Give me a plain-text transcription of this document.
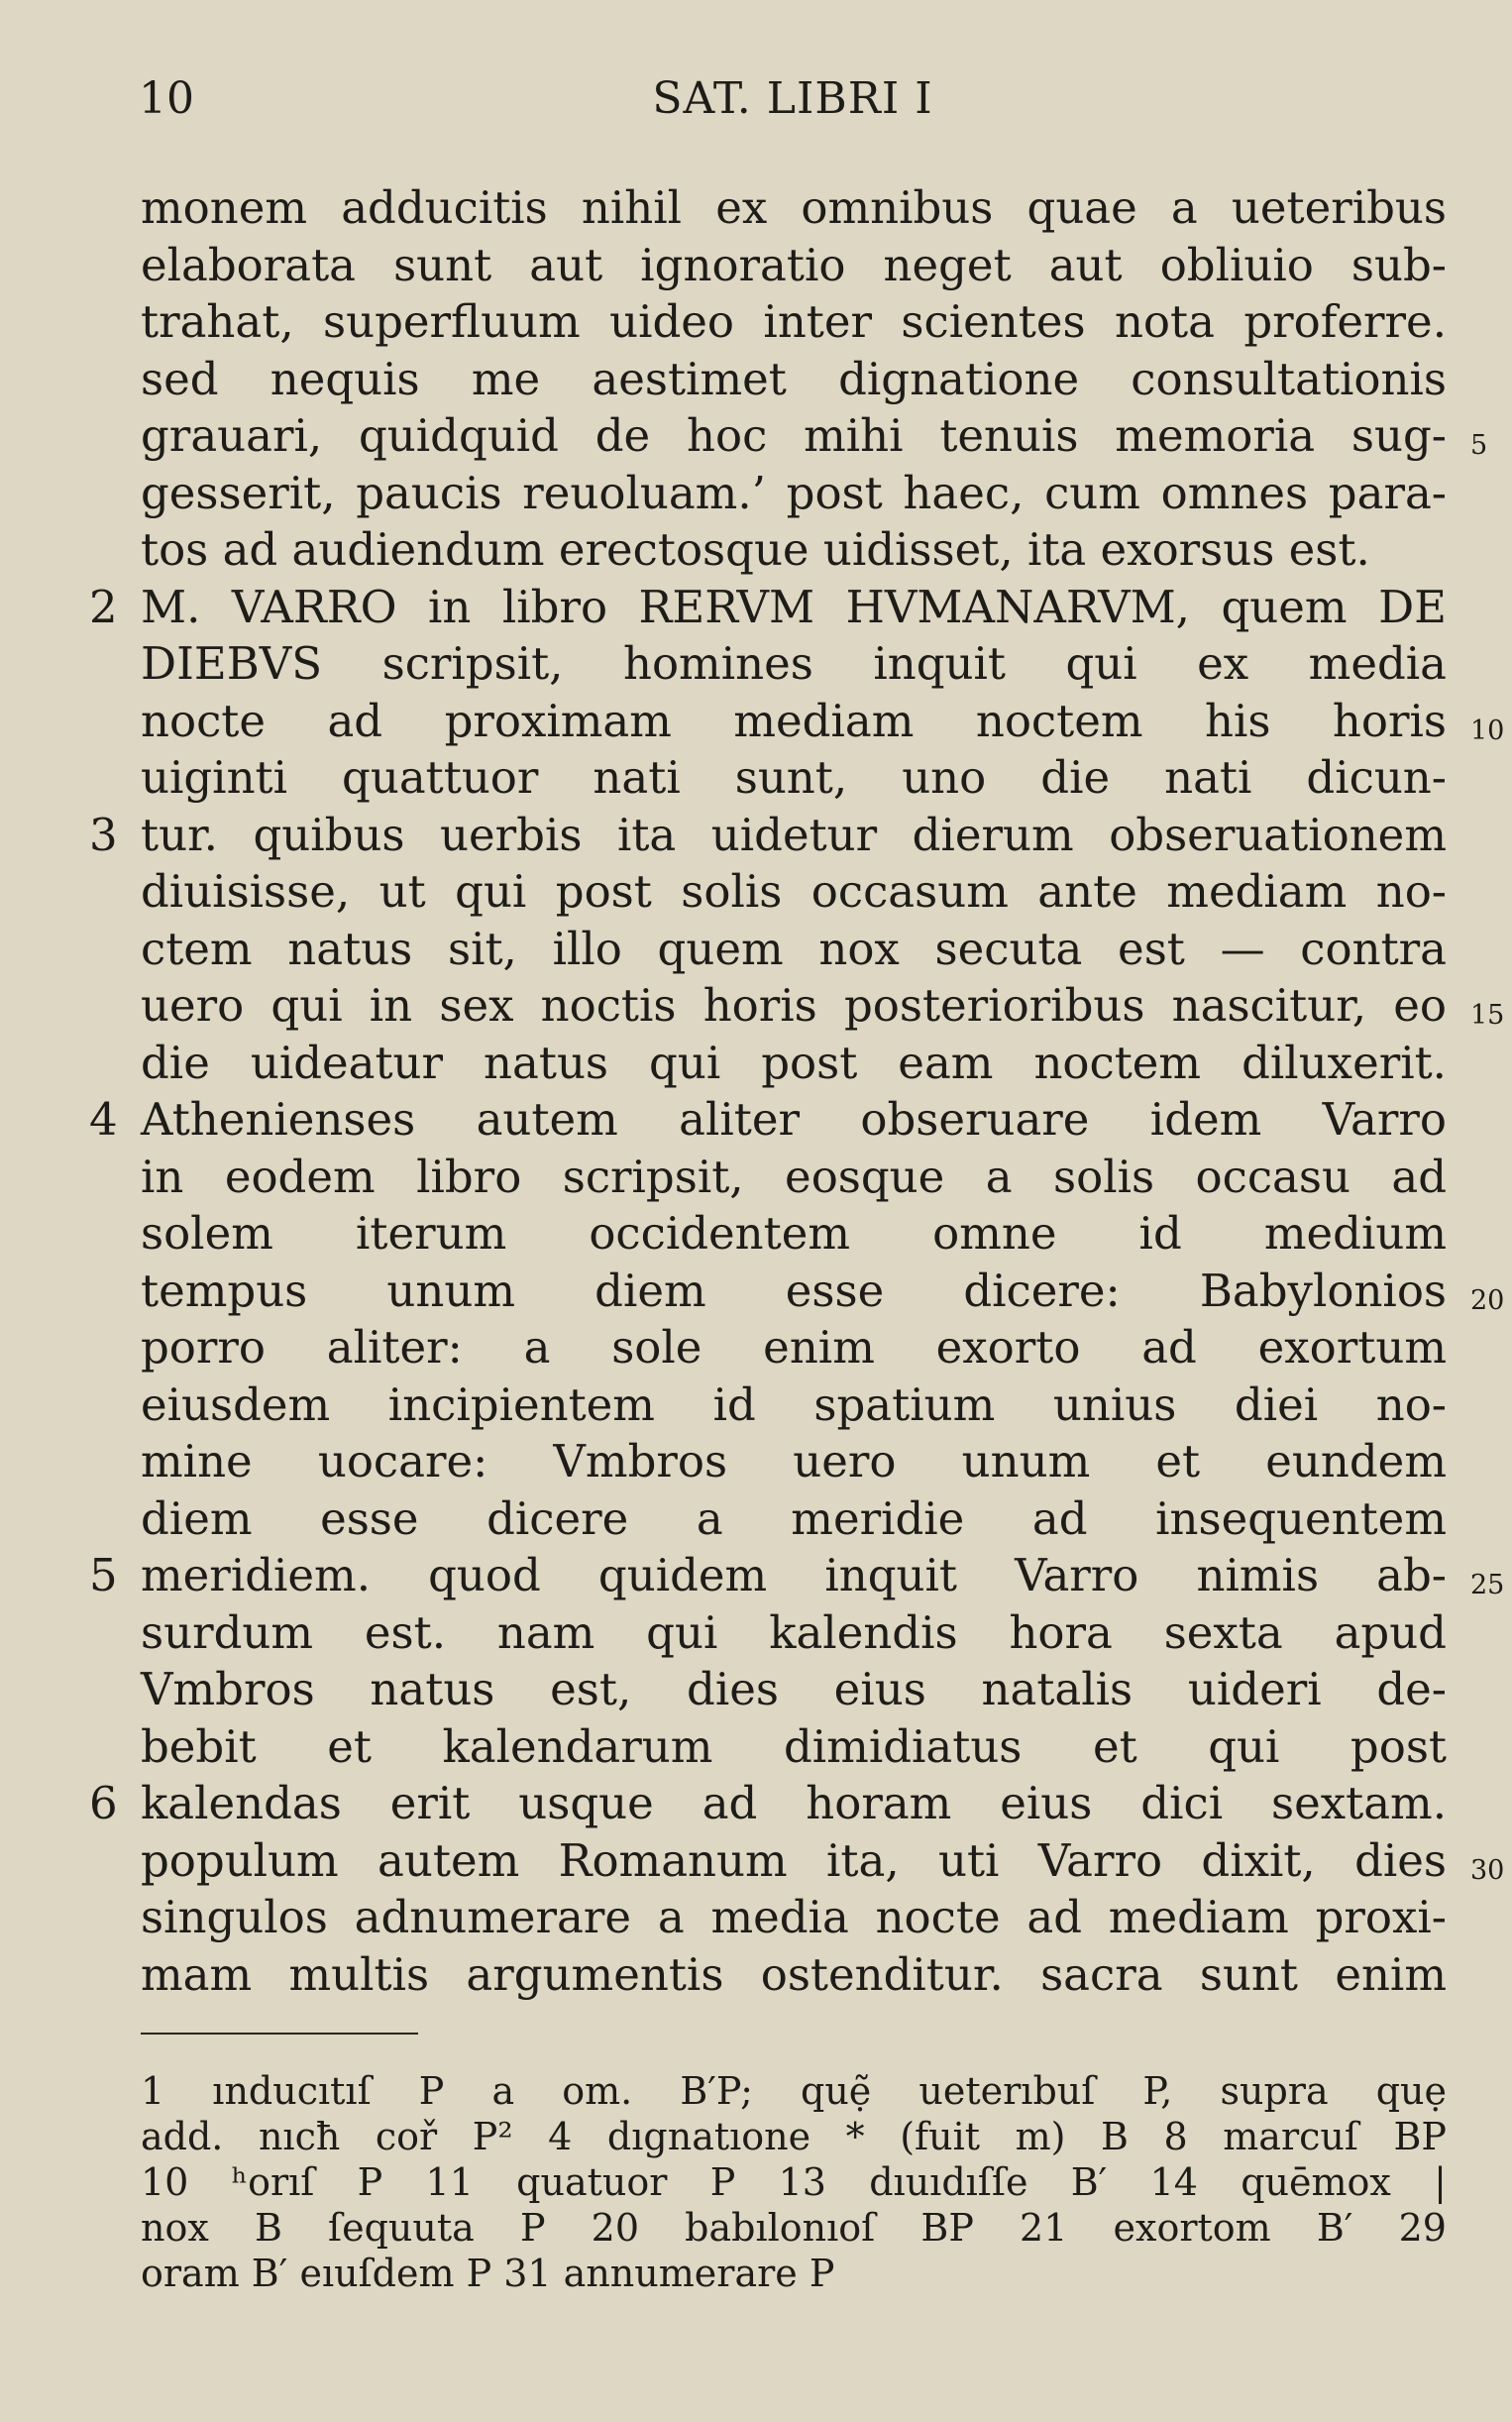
10	SAT. LIBRI I
monem adducitis nihil ex omnibus quae a ueteribus
elaborata sunt aut ignoratio neget aut obliuio sub-
trahat, superfluum uideo inter scientes nota proferre.
sed nequis me aestimet dignatione consultationis
grauari, quidquid de hoc mihi tenuis memoria sug- 5
gesserit, paucis reuoluam.’ post haec, cum omnes para-
tos ad audiendum erectosque uidisset, ita exorsus est.
2 M. VARRO in libro RERVM HVMANARVM, quem DE
DIEBVS scripsit, homines inquit qui ex media
nocte ad proximam mediam noctem his horis 10
uiginti quattuor nati sunt, uno die nati dicun-
3 tur. quibus uerbis ita uidetur dierum obseruationem
diuisisse, ut qui post solis occasum ante mediam no-
ctem natus sit, illo quem nox secuta est — contra
uero qui in sex noctis horis posterioribus nascitur, eo 15
die uideatur natus qui post eam noctem diluxerit.
4 Athenienses autem aliter obseruare idem Varro
in eodem libro scripsit, eosque a solis occasu ad
solem iterum occidentem omne id medium
tempus unum diem esse dicere: Babylonios 20
porro aliter: a sole enim exorto ad exortum
eiusdem incipientem id spatium unius diei no-
mine uocare: Vmbros uero unum et eundem
diem esse dicere a meridie ad insequentem
5 meridiem. quod quidem inquit Varro nimis ab- 25
surdum est. nam qui kalendis hora sexta apud
Vmbros natus est, dies eius natalis uideri de-
bebit et kalendarum dimidiatus et qui post
6 kalendas erit usque ad horam eius dici sextam.
populum autem Romanum ita, uti Varro dixit, dies 30
singulos adnumerare a media nocte ad mediam proxi-
mam multis argumentis ostenditur. sacra sunt enim
1 ınducıtıſ P a om. B′P; quẹ̃ ueterıbuſ P, supra quẹ
add. nıcħ coř P² 4 dıgnatıone * (fuit m) B 8 marcuſ BP
10 ʰorıſ P 11 quatuor P 13 dıuıdıſſe B′ 14 quēmox |
nox B ſequuta P 20 babılonıoſ BP 21 exortom B′ 29
oram B′ eıuſdem P 31 annumerare P
